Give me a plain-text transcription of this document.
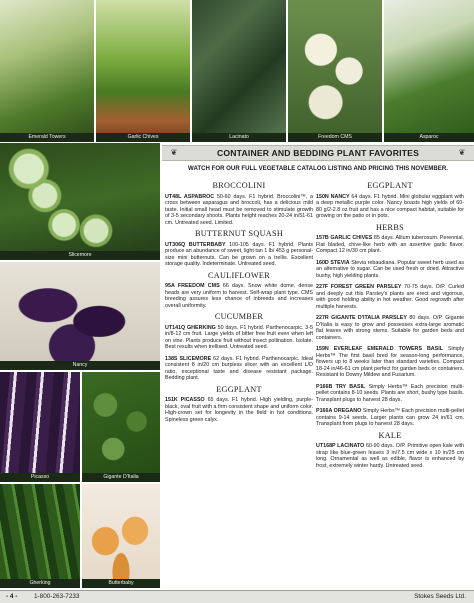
Emerald Towers	Garlic Chives	Lacinato	Freedom CMS	Asparoc
Slicemore
Nancy
Picasso	Gigante D'Italia
Gherking	Butterbaby
❦	CONTAINER AND BEDDING PLANT FAVORITES	❦
WATCH FOR OUR FULL VEGETABLE CATALOG LISTING AND PRICING THIS NOVEMBER.
BROCCOLINI

UT48L ASPABROC 50-60 days. F1 hybrid. Broccolini™, a cross between asparagus and broccoli, has a delicious mild taste. Initial small head must be removed to stimulate growth of 3-5 secondary shoots. Plants height reaches 20-24 in/51-61 cm. Untreated seed. Limited.

BUTTERNUT SQUASH

UT306Q BUTTERBABY 100-105 days. F1 hybrid. Plants produce an abundance of sweet, light tan 1 lb/ 453 g personal-size mini butternuts. Can be grown on a trellis. Excellent storage quality. Indeterminate. Untreated seed.

CAULIFLOWER

95A FREEDOM CMS 66 days. Snow white dome, dense heads are very uniform to harvest. Self-wrap plant type. CMS breeding assures less chance of inbreeds and increases overall uniformity.

CUCUMBER

UT141Q GHERKING 50 days. F1 hybrid. Parthenocarpic. 3-5 in/8-12 cm fruit. Large yields of bitter free fruit even when left on vine. Plants produce fruit without insect pollination. Isolate. Best results when trellised. Untreated seed.

138S SLICEMORE 62 days. F1 hybrid. Parthenocarpic. Ideal consistent 8 in/20 cm burpless slicer with an excellent L/D ratio, exceptional taste and disease resistant package. Bedding plant.

EGGPLANT

151K PICASSO 65 days. F1 hybrid. High yielding, purple-black, oval fruit with a firm consistent shape and uniform color. High-crown set for longevity in the field in hot conditions. Spineless green calyx.

EGGPLANT

150N NANCY 64 days. F1 hybrid. Mini globular eggplant with a deep metallic purple color. Nancy boasts high yields of 60-80 g/2-2.8 oz fruit and has a nice compact habitat, suitable for growing on the patio or in pots.

HERBS

157B GARLIC CHIVES 85 days. Allium tuberosum. Perennial. Flat bladed, chive-like herb with an assertive garlic flavor. Compact 12 in/30 cm plant.

160D STEVIA Stevia rebaudiana. Popular sweet herb used as an alternative to sugar. Can be used fresh or dried. Attractive bushy, high yielding plants.

227F FOREST GREEN PARSLEY 70-75 days. O/P. Curled and deeply cut this Parsley's plants are erect and vigorous, with good holding ability in hot weather. Good regrowth after multiple harvests.

227R GIGANTE D'ITALIA PARSLEY 80 days. O/P. Gigante D'Italia is easy to grow and possesses extra-large aromatic flat leaves with strong stems. Suitable for garden beds and containers.

159N EVERLEAF EMERALD TOWERS BASIL Simply Herbs™ The first basil bred for season-long performance, flowers up to 8 weeks later than standard varieties. Compact 18-24 in/46-61 cm plant perfect for garden beds or containers. Resistant to Downy Mildew and Fusarium.

P166B TRY BASIL Simply Herbs™ Each precision multi-pellet contains 8-10 seeds. Plants are short, bushy type basils. Transplant plugs to harvest 28 days.

P166A OREGANO Simply Herbs™ Each precision multi-pellet contains 9-14 seeds. Larger plants can grow 24 in/61 cm. Transplant from plugs to harvest 28 days.

KALE

UT168P LACINATO 60-90 days. O/P. Primitive open kale with strap like blue-green leaves 3 in/7.5 cm wide x 10 in/25 cm long. Ornamental as well as edible, flavor is enhanced by frost, extremely winter hardy. Untreated seed.

- 4 -	1-800-263-7233	Stokes Seeds Ltd.
